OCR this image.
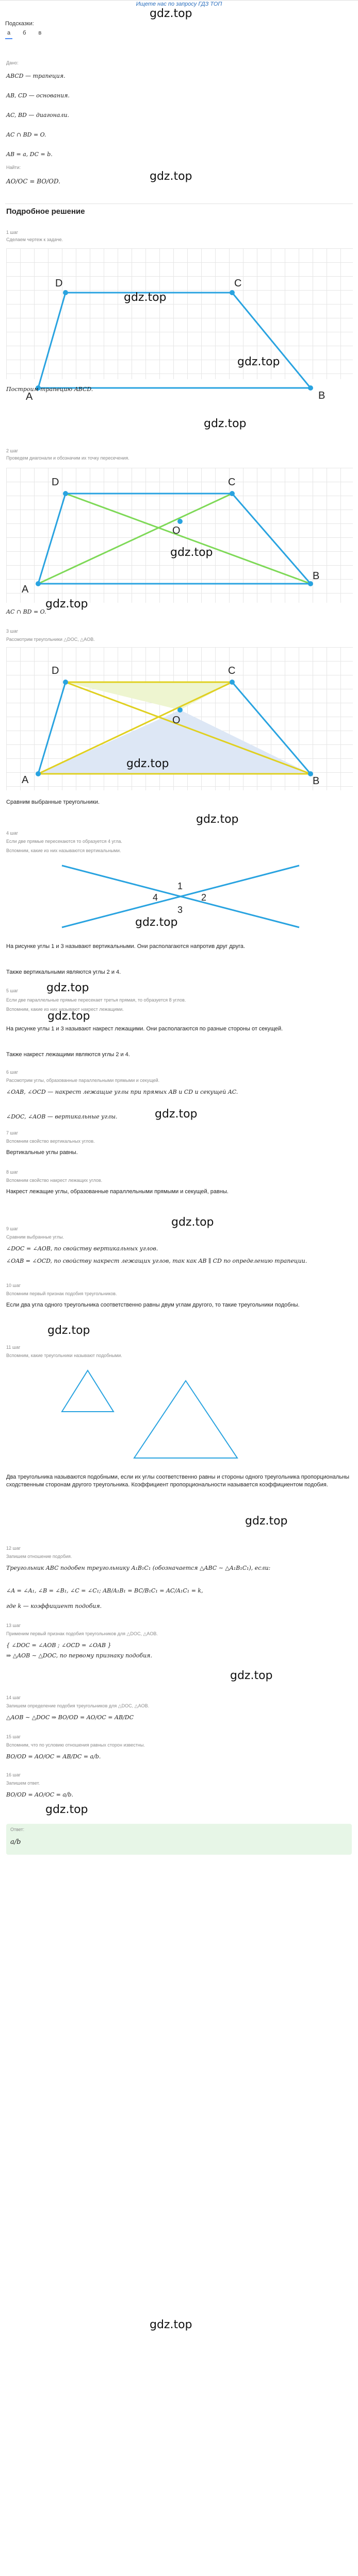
Ищете нас по запросу ГДЗ ТОП
Подсказки:
a	б	в
gdz.top
Дано:
ABCD — трапеция.
AB, CD — основания.
AC, BD — диагонали.
AC ∩ BD = O.
AB = a, DC = b.
Найти:
AO/OC = BO/OD.	gdz.top
Подробное решение
1 шаг
Сделаем чертеж к задаче.
D	C
B
A
gdz.top
gdz.top
Построим трапецию ABCD.
gdz.top
2 шаг
Проведем диагонали и обозначим их точку пересечения.
D	C
O
B
A
gdz.top
AC ∩ BD = O.
gdz.top
3 шаг
Рассмотрим треугольники △DOC, △AOB.
D	C
O
B
A
gdz.top
Сравним выбранные треугольники.
gdz.top
4 шаг
Если две прямые пересекаются то образуется 4 угла.
Вспомним, какие из них называются вертикальными.
1
2
3
4
gdz.top
На рисунке углы 1 и 3 называют вертикальными. Они располагаются напротив друг друга.
Также вертикальными являются углы 2 и 4.
5 шаг gdz.top
Если две параллельные прямые пересекает третья прямая, то образуется 8 углов.
Вспомним, какие из них называют накрест лежащими.
gdz.top
На рисунке углы 1 и 3 называют накрест лежащими. Они располагаются по разные стороны от секущей.
Также накрест лежащими являются углы 2 и 4.
6 шаг
Рассмотрим углы, образованные параллельными прямыми и секущей.
∠OAB, ∠OCD — накрест лежащие углы при прямых AB и CD и секущей AC.
∠DOC, ∠AOB — вертикальные углы.	gdz.top
7 шаг
Вспомним свойство вертикальных углов.
Вертикальные углы равны.
8 шаг
Вспомним свойство накрест лежащих углов.
Накрест лежащие углы, образованные параллельными прямыми и секущей, равны.
gdz.top
9 шаг
Сравним выбранные углы.
∠DOC = ∠AOB, по свойству вертикальных углов.
∠OAB = ∠OCD, по свойству накрест лежащих углов, так как AB ∥ CD по определению трапеции.
10 шаг
Вспомним первый признак подобия треугольников.
Если два угла одного треугольника соответственно равны двум углам другого, то такие треугольники подобны.
gdz.top
11 шаг
Вспомним, какие треугольники называют подобными.
Два треугольника называются подобными, если их углы соответственно равны и стороны одного треугольника пропорциональны сходственным сторонам другого треугольника. Коэффициент пропорциональности называется коэффициентом подобия.
gdz.top
12 шаг
Запишем отношение подобия.
Треугольник ABC подобен треугольнику A₁B₁C₁ (обозначается △ABC ∼ △A₁B₁C₁), если:
∠A = ∠A₁, ∠B = ∠B₁, ∠C = ∠C₁; AB/A₁B₁ = BC/B₁C₁ = AC/A₁C₁ = k,
где k — коэффициент подобия.
13 шаг
Применим первый признак подобия треугольников для △DOC, △AOB.
{ ∠DOC = ∠AOB ; ∠OCD = ∠OAB }
⇒ △AOB ∼ △DOC, по первому признаку подобия.
gdz.top
14 шаг
Запишем определение подобия треугольников для △DOC, △AOB.
△AOB ∼ △DOC ⇒ BO/OD = AO/OC = AB/DC
15 шаг
Вспомним, что по условию отношения равных сторон известны.
BO/OD = AO/OC = AB/DC = a/b.
16 шаг
Запишем ответ.
BO/OD = AO/OC = a/b.
gdz.top
Ответ:
a/b
gdz.top
